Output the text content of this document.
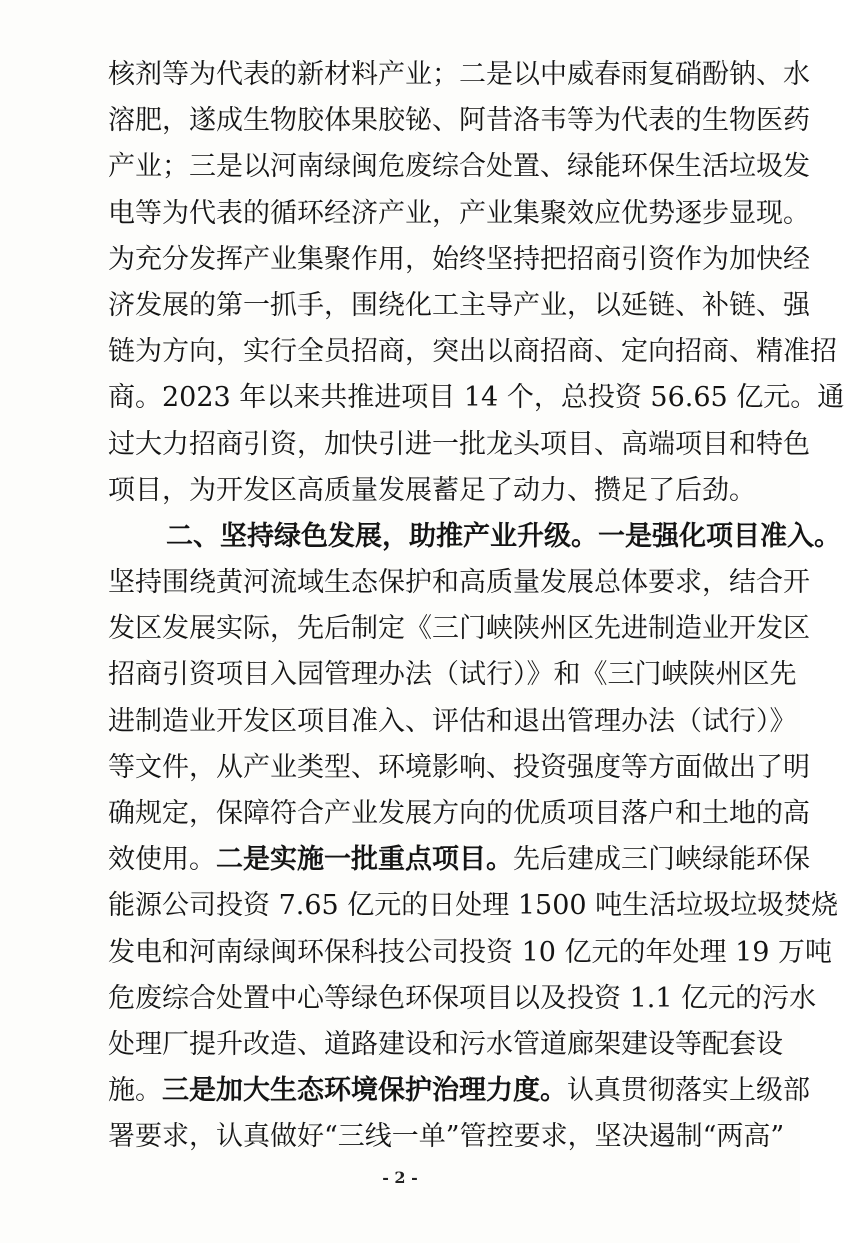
核剂等为代表的新材料产业；二是以中威春雨复硝酚钠、水
溶肥，遂成生物胶体果胶铋、阿昔洛韦等为代表的生物医药
产业；三是以河南绿闽危废综合处置、绿能环保生活垃圾发
电等为代表的循环经济产业，产业集聚效应优势逐步显现。
为充分发挥产业集聚作用，始终坚持把招商引资作为加快经
济发展的第一抓手，围绕化工主导产业，以延链、补链、强
链为方向，实行全员招商，突出以商招商、定向招商、精准招
商。2023 年以来共推进项目 14 个，总投资 56.65 亿元。通
过大力招商引资，加快引进一批龙头项目、高端项目和特色
项目，为开发区高质量发展蓄足了动力、攒足了后劲。
二、坚持绿色发展，助推产业升级。一是强化项目准入。
坚持围绕黄河流域生态保护和高质量发展总体要求，结合开
发区发展实际，先后制定《三门峡陕州区先进制造业开发区
招商引资项目入园管理办法（试行）》和《三门峡陕州区先
进制造业开发区项目准入、评估和退出管理办法（试行）》
等文件，从产业类型、环境影响、投资强度等方面做出了明
确规定，保障符合产业发展方向的优质项目落户和土地的高
效使用。二是实施一批重点项目。先后建成三门峡绿能环保
能源公司投资 7.65 亿元的日处理 1500 吨生活垃圾垃圾焚烧
发电和河南绿闽环保科技公司投资 10 亿元的年处理 19 万吨
危废综合处置中心等绿色环保项目以及投资 1.1 亿元的污水
处理厂提升改造、道路建设和污水管道廊架建设等配套设
施。三是加大生态环境保护治理力度。认真贯彻落实上级部
署要求，认真做好“三线一单”管控要求，坚决遏制“两高”
- 2 -
